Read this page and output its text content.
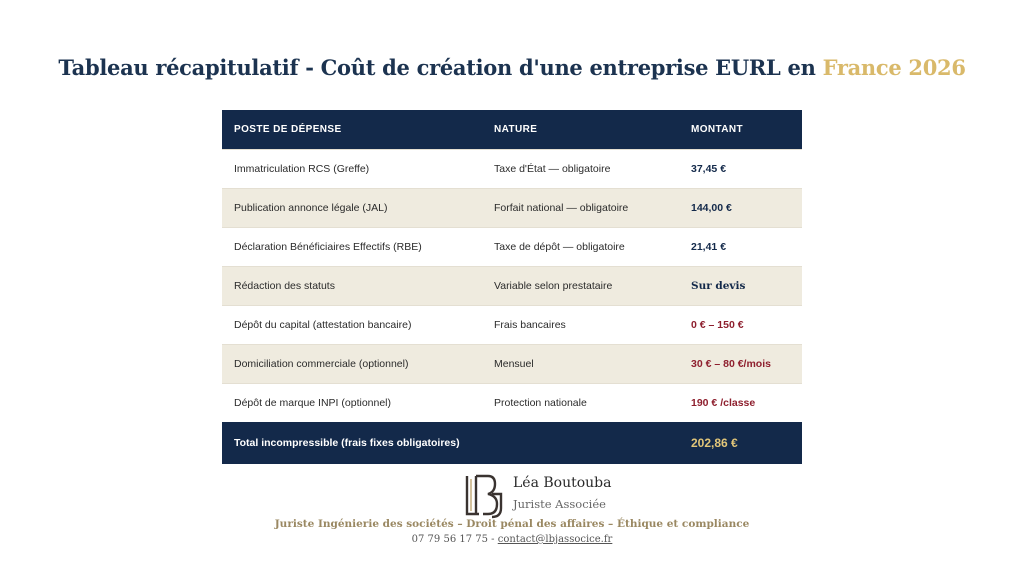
Tableau récapitulatif - Coût de création d'une entreprise EURL en France 2026
POSTE DE DÉPENSE	NATURE	MONTANT
Immatriculation RCS (Greffe)	Taxe d'État — obligatoire	37,45 €
Publication annonce légale (JAL)	Forfait national — obligatoire	144,00 €
Déclaration Bénéficiaires Effectifs (RBE)	Taxe de dépôt — obligatoire	21,41 €
Rédaction des statuts	Variable selon prestataire	Sur devis
Dépôt du capital (attestation bancaire)	Frais bancaires	0 € – 150 €
Domiciliation commerciale (optionnel)	Mensuel	30 € – 80 €/mois
Dépôt de marque INPI (optionnel)	Protection nationale	190 € /classe
Total incompressible (frais fixes obligatoires)		202,86 €
Léa Boutouba
Juriste Associée
Juriste Ingénierie des sociétés – Droit pénal des affaires – Éthique et compliance
07 79 56 17 75 - contact@lbjassocice.fr
